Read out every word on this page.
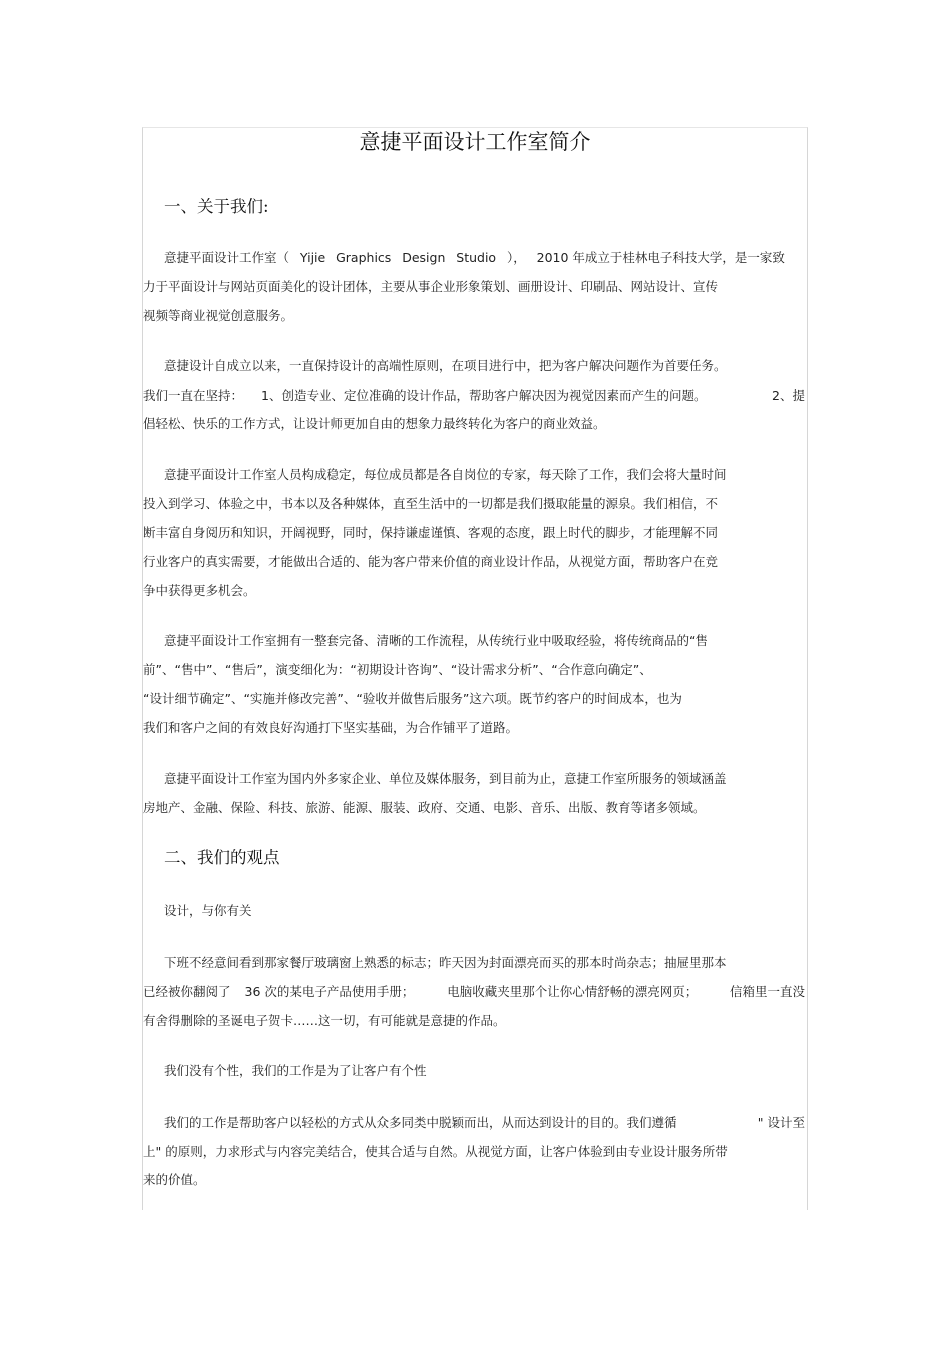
意捷平面设计工作室简介
一、关于我们:
意捷平面设计工作室（ Yijie Graphics Design Studio ）， 2010 年成立于桂林电子科技大学，是一家致
力于平面设计与网站页面美化的设计团体，主要从事企业形象策划、画册设计、印刷品、网站设计、宣传
视频等商业视觉创意服务。
意捷设计自成立以来，一直保持设计的高端性原则，在项目进行中，把为客户解决问题作为首要任务。
我们一直在坚持： 1、创造专业、定位准确的设计作品，帮助客户解决因为视觉因素而产生的问题。	2、提
倡轻松、快乐的工作方式，让设计师更加自由的想象力最终转化为客户的商业效益。
意捷平面设计工作室人员构成稳定，每位成员都是各自岗位的专家，每天除了工作，我们会将大量时间
投入到学习、体验之中，书本以及各种媒体，直至生活中的一切都是我们摄取能量的源泉。我们相信，不
断丰富自身阅历和知识，开阔视野，同时，保持谦虚谨慎、客观的态度，跟上时代的脚步，才能理解不同
行业客户的真实需要，才能做出合适的、能为客户带来价值的商业设计作品，从视觉方面，帮助客户在竞
争中获得更多机会。
意捷平面设计工作室拥有一整套完备、清晰的工作流程，从传统行业中吸取经验，将传统商品的“售
前”、“售中”、“售后”，演变细化为：“初期设计咨询”、“设计需求分析”、“合作意向确定”、
“设计细节确定”、“实施并修改完善”、“验收并做售后服务”这六项。既节约客户的时间成本，也为
我们和客户之间的有效良好沟通打下坚实基础，为合作铺平了道路。
意捷平面设计工作室为国内外多家企业、单位及媒体服务，到目前为止，意捷工作室所服务的领域涵盖
房地产、金融、保险、科技、旅游、能源、服装、政府、交通、电影、音乐、出版、教育等诸多领域。
二、我们的观点
设计，与你有关
下班不经意间看到那家餐厅玻璃窗上熟悉的标志；昨天因为封面漂亮而买的那本时尚杂志；抽屉里那本
已经被你翻阅了 36 次的某电子产品使用手册；	电脑收藏夹里那个让你心情舒畅的漂亮网页；	信箱里一直没
有舍得删除的圣诞电子贺卡……这一切，有可能就是意捷的作品。
我们没有个性，我们的工作是为了让客户有个性
我们的工作是帮助客户以轻松的方式从众多同类中脱颖而出，从而达到设计的目的。我们遵循	" 设计至
上" 的原则，力求形式与内容完美结合，使其合适与自然。从视觉方面，让客户体验到由专业设计服务所带
来的价值。
